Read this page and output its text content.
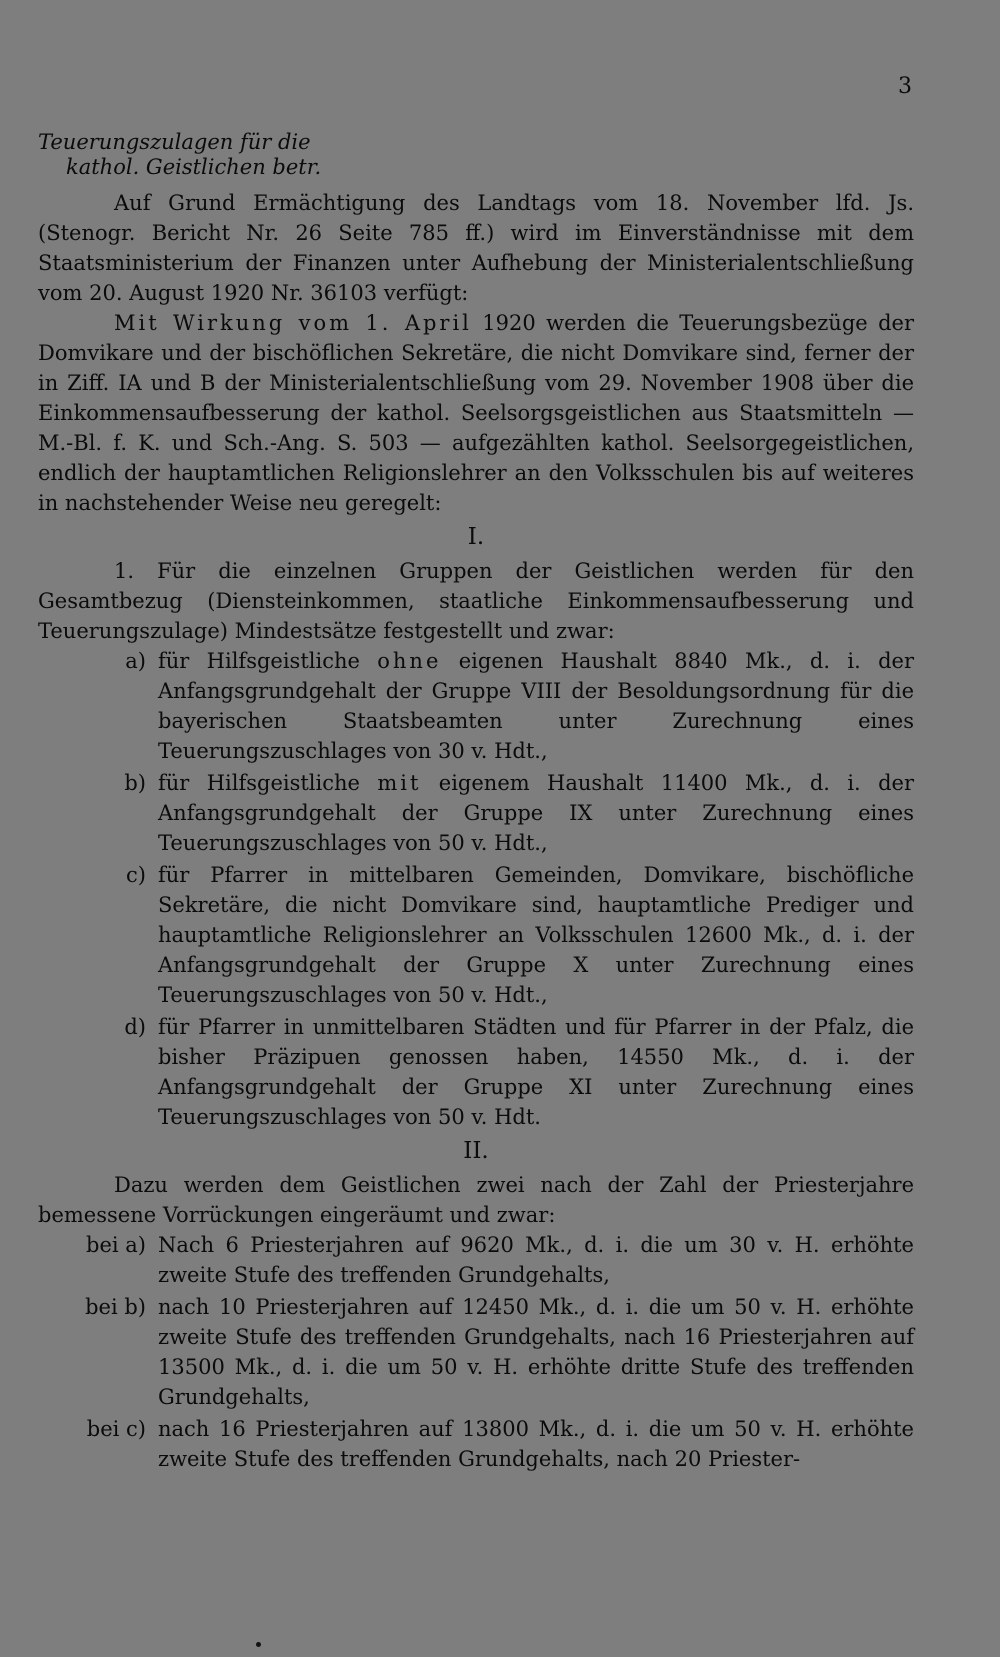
3
Teuerungszulagen für die
kathol. Geistlichen betr.

Auf Grund Ermächtigung des Landtags vom 18. November lfd. Js. (Stenogr. Bericht Nr. 26 Seite 785 ff.) wird im Einverständnisse mit dem Staatsministerium der Finanzen unter Aufhebung der Ministerialentschließung vom 20. August 1920 Nr. 36103 verfügt:

Mit Wirkung vom 1. April 1920 werden die Teuerungsbezüge der Domvikare und der bischöflichen Sekretäre, die nicht Domvikare sind, ferner der in Ziff. IA und B der Ministerialentschließung vom 29. November 1908 über die Einkommensaufbesserung der kathol. Seelsorgsgeistlichen aus Staatsmitteln — M.-Bl. f. K. und Sch.-Ang. S. 503 — aufgezählten kathol. Seelsorgegeistlichen, endlich der hauptamtlichen Religionslehrer an den Volksschulen bis auf weiteres in nachstehender Weise neu geregelt:

I.

1. Für die einzelnen Gruppen der Geistlichen werden für den Gesamtbezug (Diensteinkommen, staatliche Einkommensaufbesserung und Teuerungszulage) Mindestsätze festgestellt und zwar:

a) für Hilfsgeistliche ohne eigenen Haushalt 8840 Mk., d. i. der Anfangsgrundgehalt der Gruppe VIII der Besoldungsordnung für die bayerischen Staatsbeamten unter Zurechnung eines Teuerungszuschlages von 30 v. Hdt.,
b) für Hilfsgeistliche mit eigenem Haushalt 11400 Mk., d. i. der Anfangsgrundgehalt der Gruppe IX unter Zurechnung eines Teuerungszuschlages von 50 v. Hdt.,
c) für Pfarrer in mittelbaren Gemeinden, Domvikare, bischöfliche Sekretäre, die nicht Domvikare sind, hauptamtliche Prediger und hauptamtliche Religionslehrer an Volksschulen 12600 Mk., d. i. der Anfangsgrundgehalt der Gruppe X unter Zurechnung eines Teuerungszuschlages von 50 v. Hdt.,
d) für Pfarrer in unmittelbaren Städten und für Pfarrer in der Pfalz, die bisher Präzipuen genossen haben, 14550 Mk., d. i. der Anfangsgrundgehalt der Gruppe XI unter Zurechnung eines Teuerungszuschlages von 50 v. Hdt.
II.

Dazu werden dem Geistlichen zwei nach der Zahl der Priesterjahre bemessene Vorrückungen eingeräumt und zwar:

bei a) Nach 6 Priesterjahren auf 9620 Mk., d. i. die um 30 v. H. erhöhte zweite Stufe des treffenden Grundgehalts,
bei b) nach 10 Priesterjahren auf 12450 Mk., d. i. die um 50 v. H. erhöhte zweite Stufe des treffenden Grundgehalts, nach 16 Priesterjahren auf 13500 Mk., d. i. die um 50 v. H. erhöhte dritte Stufe des treffenden Grundgehalts,
bei c) nach 16 Priesterjahren auf 13800 Mk., d. i. die um 50 v. H. erhöhte zweite Stufe des treffenden Grundgehalts, nach 20 Priester-
